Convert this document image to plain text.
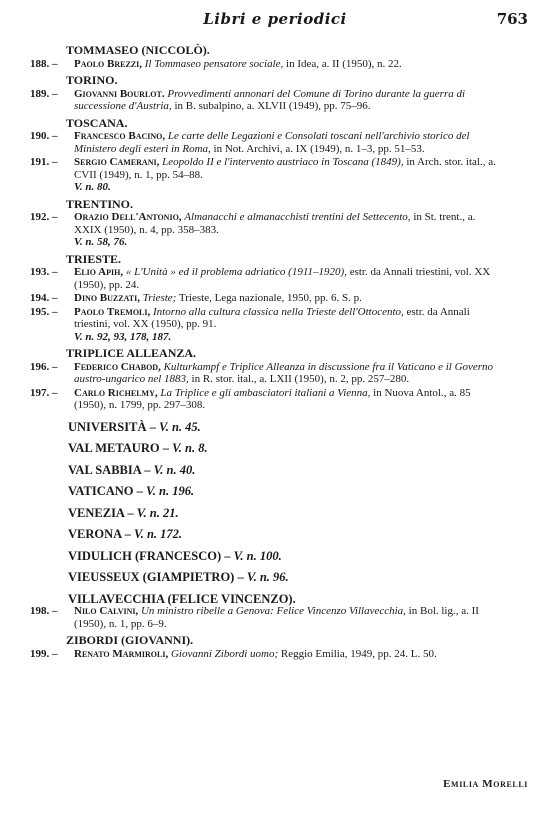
Libri e periodici	763
TOMMASEO (NICCOLÒ).
188. – Paolo Brezzi, Il Tommaseo pensatore sociale, in Idea, a. II (1950), n. 22.
TORINO.
189. – Giovanni Bourlot. Provvedimenti annonari del Comune di Torino durante la guerra di successione d'Austria, in B. subalpino, a. XLVII (1949), pp. 75–96.
TOSCANA.
190. – Francesco Bacino, Le carte delle Legazioni e Consolati toscani nell'archivio storico del Ministero degli esteri in Roma, in Not. Archivi, a. IX (1949), n. 1–3, pp. 51–53.
191. – Sergio Camerani, Leopoldo II e l'intervento austriaco in Toscana (1849), in Arch. stor. ital., a. CVII (1949), n. 1, pp. 54–88.
V. n. 80.
TRENTINO.
192. – Orazio Dell'Antonio, Almanacchi e almanacchisti trentini del Settecento, in St. trent., a. XXIX (1950), n. 4, pp. 358–383.
V. n. 58, 76.
TRIESTE.
193. – Elio Apih, « L'Unità » ed il problema adriatico (1911–1920), estr. da Annali triestini, vol. XX (1950), pp. 24.
194. – Dino Buzzati, Trieste; Trieste, Lega nazionale, 1950, pp. 6. S. p.
195. – Paolo Tremoli, Intorno alla cultura classica nella Trieste dell'Ottocento, estr. da Annali triestini, vol. XX (1950), pp. 91.
V. n. 92, 93, 178, 187.
TRIPLICE ALLEANZA.
196. – Federico Chabod, Kulturkampf e Triplice Alleanza in discussione fra il Vaticano e il Governo austro-ungarico nel 1883, in R. stor. ital., a. LXII (1950), n. 2, pp. 257–280.
197. – Carlo Richelmy, La Triplice e gli ambasciatori italiani a Vienna, in Nuova Antol., a. 85 (1950), n. 1799, pp. 297–308.
UNIVERSITÀ – V. n. 45.
VAL METAURO – V. n. 8.
VAL SABBIA – V. n. 40.
VATICANO – V. n. 196.
VENEZIA – V. n. 21.
VERONA – V. n. 172.
VIDULICH (FRANCESCO) – V. n. 100.
VIEUSSEUX (GIAMPIETRO) – V. n. 96.
VILLAVECCHIA (FELICE VINCENZO).
198. – Nilo Calvini, Un ministro ribelle a Genova: Felice Vincenzo Villavecchia, in Bol. lig., a. II (1950), n. 1, pp. 6–9.
ZIBORDI (GIOVANNI).
199. – Renato Marmiroli, Giovanni Zibordi uomo; Reggio Emilia, 1949, pp. 24. L. 50.
Emilia Morelli
